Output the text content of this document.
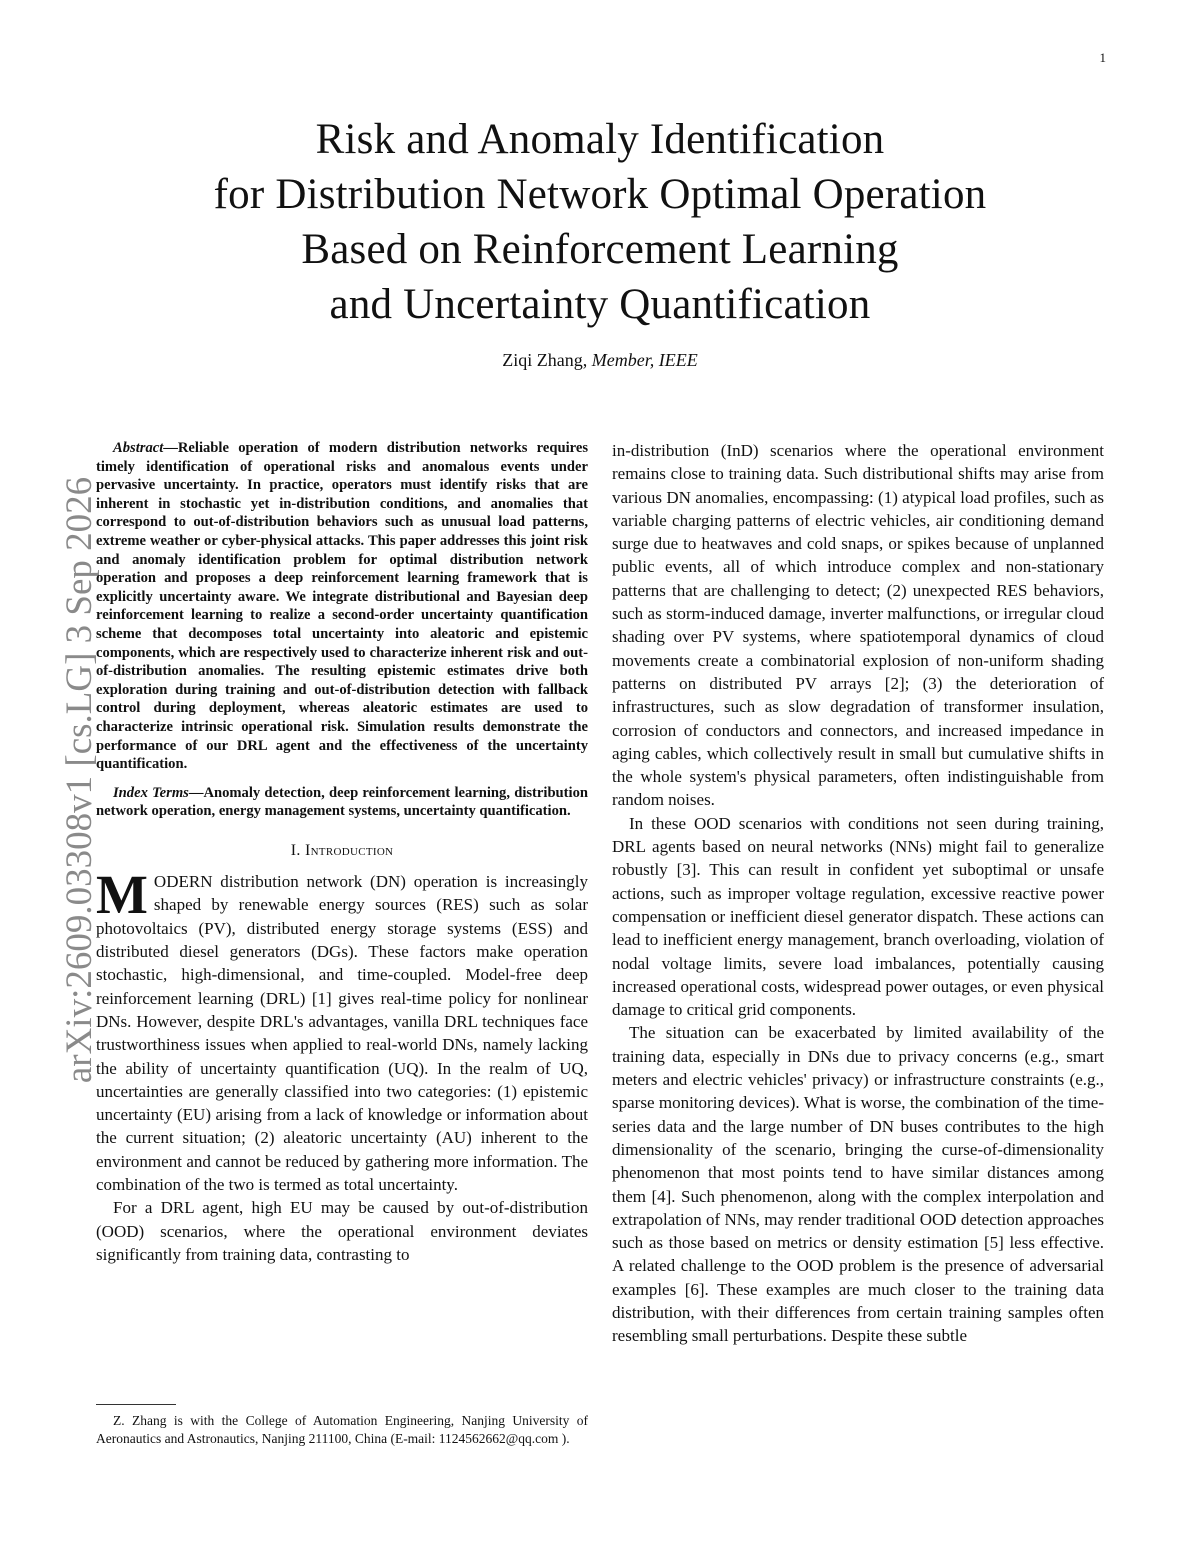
1
arXiv:2609.03308v1 [cs.LG] 3 Sep 2026
Risk and Anomaly Identification
for Distribution Network Optimal Operation
Based on Reinforcement Learning
and Uncertainty Quantification
Ziqi Zhang, Member, IEEE

Abstract—Reliable operation of modern distribution networks requires timely identification of operational risks and anomalous events under pervasive uncertainty. In practice, operators must identify risks that are inherent in stochastic yet in-distribution conditions, and anomalies that correspond to out-of-distribution behaviors such as unusual load patterns, extreme weather or cyber-physical attacks. This paper addresses this joint risk and anomaly identification problem for optimal distribution network operation and proposes a deep reinforcement learning framework that is explicitly uncertainty aware. We integrate distributional and Bayesian deep reinforcement learning to realize a second-order uncertainty quantification scheme that decomposes total uncertainty into aleatoric and epistemic components, which are respectively used to characterize inherent risk and out-of-distribution anomalies. The resulting epistemic estimates drive both exploration during training and out-of-distribution detection with fallback control during deployment, whereas aleatoric estimates are used to characterize intrinsic operational risk. Simulation results demonstrate the performance of our DRL agent and the effectiveness of the uncertainty quantification.

Index Terms—Anomaly detection, deep reinforcement learning, distribution network operation, energy management systems, uncertainty quantification.

I. Introduction

MODERN distribution network (DN) operation is increasingly shaped by renewable energy sources (RES) such as solar photovoltaics (PV), distributed energy storage systems (ESS) and distributed diesel generators (DGs). These factors make operation stochastic, high-dimensional, and time-coupled. Model-free deep reinforcement learning (DRL) [1] gives real-time policy for nonlinear DNs. However, despite DRL's advantages, vanilla DRL techniques face trustworthiness issues when applied to real-world DNs, namely lacking the ability of uncertainty quantification (UQ). In the realm of UQ, uncertainties are generally classified into two categories: (1) epistemic uncertainty (EU) arising from a lack of knowledge or information about the current situation; (2) aleatoric uncertainty (AU) inherent to the environment and cannot be reduced by gathering more information. The combination of the two is termed as total uncertainty.

For a DRL agent, high EU may be caused by out-of-distribution (OOD) scenarios, where the operational environment deviates significantly from training data, contrasting to

Z. Zhang is with the College of Automation Engineering, Nanjing University of Aeronautics and Astronautics, Nanjing 211100, China (E-mail: 1124562662@qq.com ).

in-distribution (InD) scenarios where the operational environment remains close to training data. Such distributional shifts may arise from various DN anomalies, encompassing: (1) atypical load profiles, such as variable charging patterns of electric vehicles, air conditioning demand surge due to heatwaves and cold snaps, or spikes because of unplanned public events, all of which introduce complex and non-stationary patterns that are challenging to detect; (2) unexpected RES behaviors, such as storm-induced damage, inverter malfunctions, or irregular cloud shading over PV systems, where spatiotemporal dynamics of cloud movements create a combinatorial explosion of non-uniform shading patterns on distributed PV arrays [2]; (3) the deterioration of infrastructures, such as slow degradation of transformer insulation, corrosion of conductors and connectors, and increased impedance in aging cables, which collectively result in small but cumulative shifts in the whole system's physical parameters, often indistinguishable from random noises.

In these OOD scenarios with conditions not seen during training, DRL agents based on neural networks (NNs) might fail to generalize robustly [3]. This can result in confident yet suboptimal or unsafe actions, such as improper voltage regulation, excessive reactive power compensation or inefficient diesel generator dispatch. These actions can lead to inefficient energy management, branch overloading, violation of nodal voltage limits, severe load imbalances, potentially causing increased operational costs, widespread power outages, or even physical damage to critical grid components.

The situation can be exacerbated by limited availability of the training data, especially in DNs due to privacy concerns (e.g., smart meters and electric vehicles' privacy) or infrastructure constraints (e.g., sparse monitoring devices). What is worse, the combination of the time-series data and the large number of DN buses contributes to the high dimensionality of the scenario, bringing the curse-of-dimensionality phenomenon that most points tend to have similar distances among them [4]. Such phenomenon, along with the complex interpolation and extrapolation of NNs, may render traditional OOD detection approaches such as those based on metrics or density estimation [5] less effective. A related challenge to the OOD problem is the presence of adversarial examples [6]. These examples are much closer to the training data distribution, with their differences from certain training samples often resembling small perturbations. Despite these subtle
